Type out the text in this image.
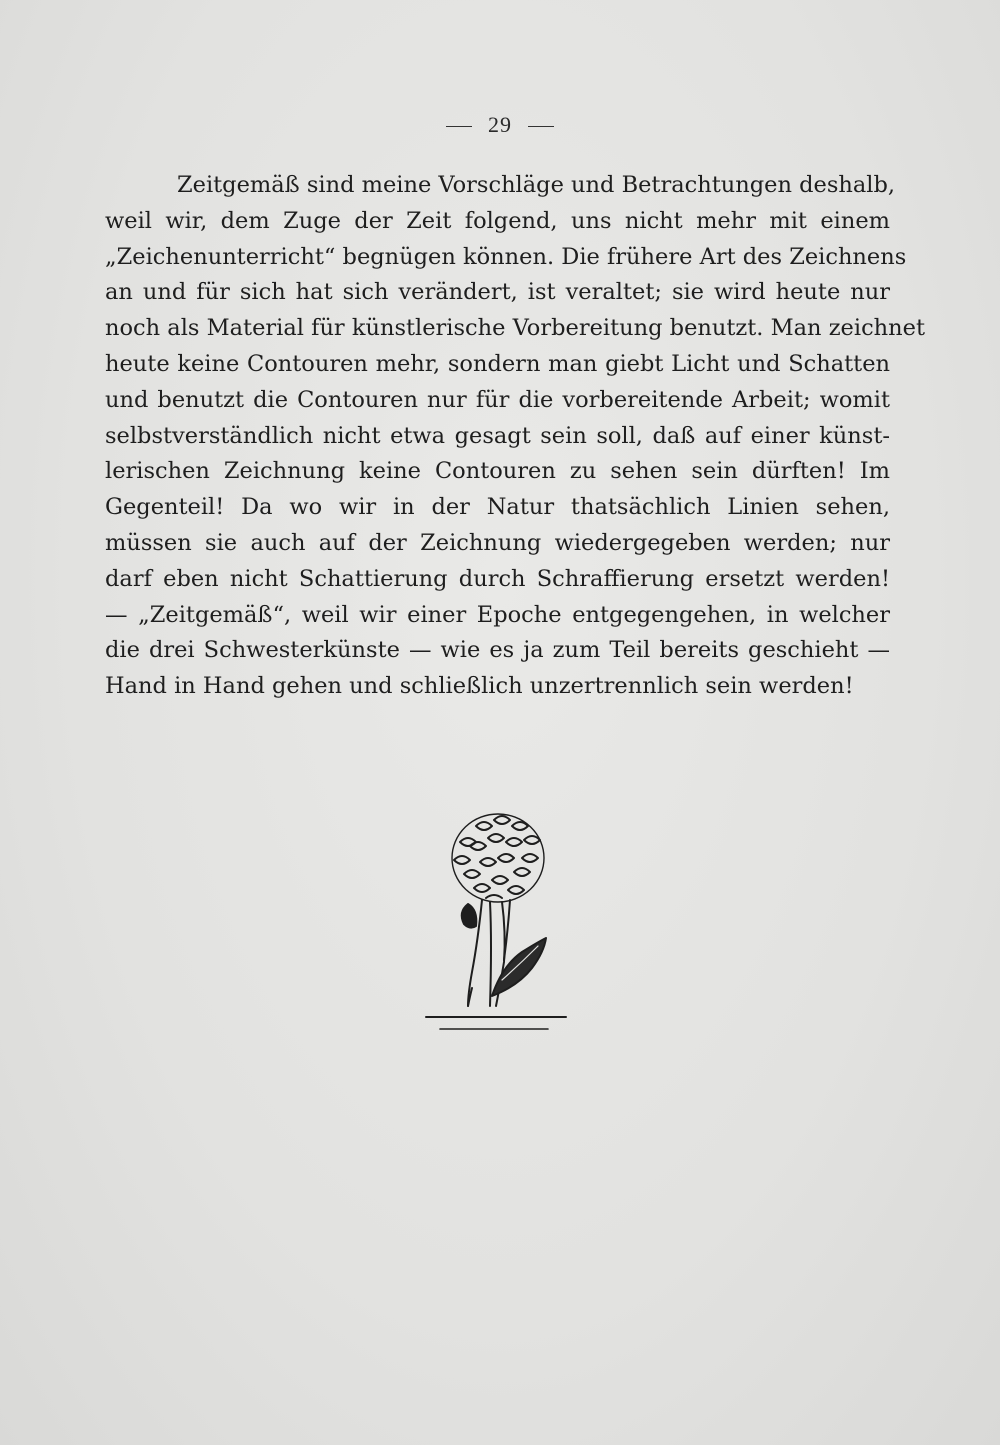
29
Zeitgemäß sind meine Vorschläge und Betrachtungen deshalb,
weil wir, dem Zuge der Zeit folgend, uns nicht mehr mit einem
„Zeichenunterricht“ begnügen können. Die frühere Art des Zeichnens
an und für sich hat sich verändert, ist veraltet; sie wird heute nur
noch als Material für künstlerische Vorbereitung benutzt. Man zeichnet
heute keine Contouren mehr, sondern man giebt Licht und Schatten
und benutzt die Contouren nur für die vorbereitende Arbeit; womit
selbstverständlich nicht etwa gesagt sein soll, daß auf einer künst-
lerischen Zeichnung keine Contouren zu sehen sein dürften! Im
Gegenteil! Da wo wir in der Natur thatsächlich Linien sehen,
müssen sie auch auf der Zeichnung wiedergegeben werden; nur
darf eben nicht Schattierung durch Schraffierung ersetzt werden!
— „Zeitgemäß“, weil wir einer Epoche entgegengehen, in welcher
die drei Schwesterkünste — wie es ja zum Teil bereits geschieht —
Hand in Hand gehen und schließlich unzertrennlich sein werden!
